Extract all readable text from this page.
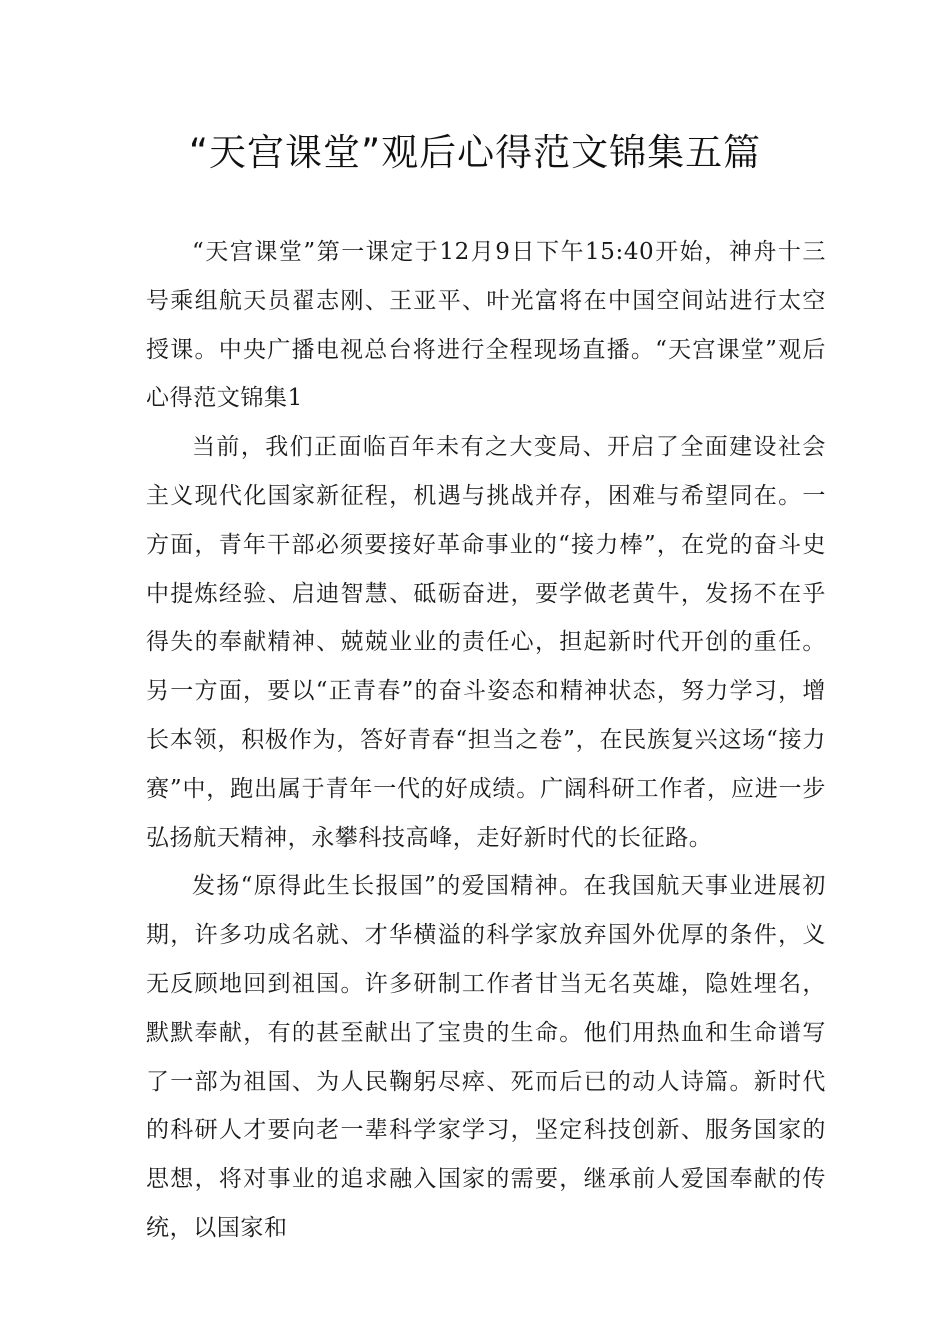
“天宫课堂”观后心得范文锦集五篇

“天宫课堂”第一课定于12月9日下午15:40开始，神舟十三号乘组航天员翟志刚、王亚平、叶光富将在中国空间站进行太空授课。中央广播电视总台将进行全程现场直播。“天宫课堂”观后心得范文锦集1

当前，我们正面临百年未有之大变局、开启了全面建设社会主义现代化国家新征程，机遇与挑战并存，困难与希望同在。一方面，青年干部必须要接好革命事业的“接力棒”，在党的奋斗史中提炼经验、启迪智慧、砥砺奋进，要学做老黄牛，发扬不在乎得失的奉献精神、兢兢业业的责任心，担起新时代开创的重任。另一方面，要以“正青春”的奋斗姿态和精神状态，努力学习，增长本领，积极作为，答好青春“担当之卷”，在民族复兴这场“接力赛”中，跑出属于青年一代的好成绩。广阔科研工作者，应进一步弘扬航天精神，永攀科技高峰，走好新时代的长征路。

发扬“原得此生长报国”的爱国精神。在我国航天事业进展初期，许多功成名就、才华横溢的科学家放弃国外优厚的条件，义无反顾地回到祖国。许多研制工作者甘当无名英雄，隐姓埋名，默默奉献，有的甚至献出了宝贵的生命。他们用热血和生命谱写了一部为祖国、为人民鞠躬尽瘁、死而后已的动人诗篇。新时代的科研人才要向老一辈科学家学习，坚定科技创新、服务国家的思想，将对事业的追求融入国家的需要，继承前人爱国奉献的传统，以国家和
